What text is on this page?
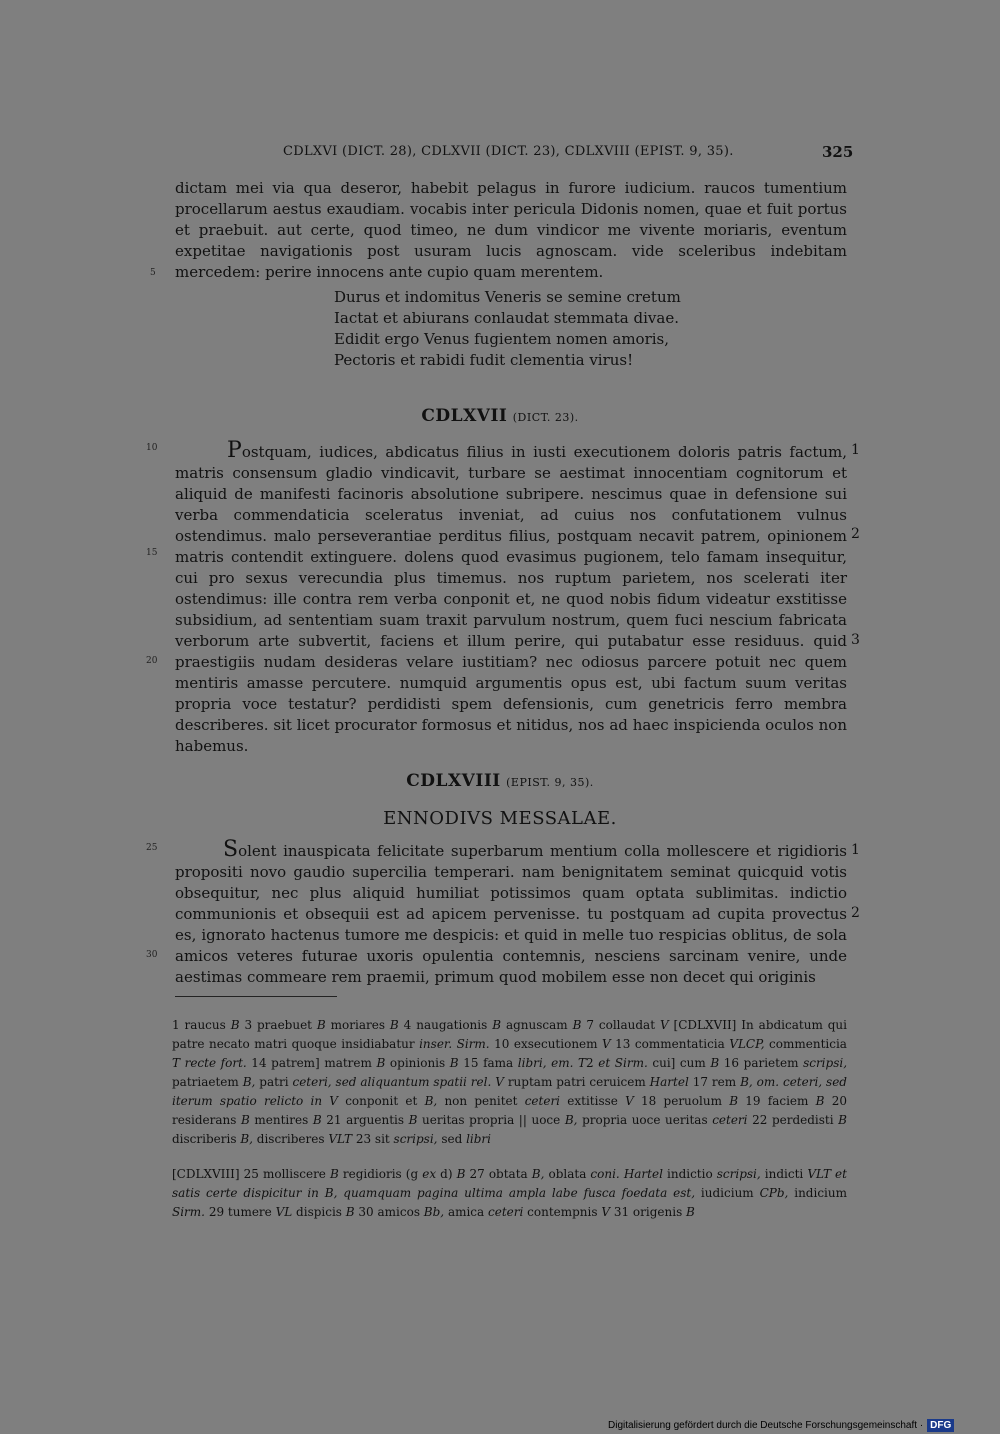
CDLXVI (DICT. 28), CDLXVII (DICT. 23), CDLXVIII (EPIST. 9, 35).	325

dictam mei via qua deseror, habebit pelagus in furore iudicium. raucos tumentium procellarum aestus exaudiam. vocabis inter pericula Didonis nomen, quae et fuit portus et praebuit. aut certe, quod timeo, ne dum vindicor me vivente moriaris, eventum expetitae navigationis post usuram lucis agnoscam. vide sceleribus indebitam mercedem: perire innocens ante cupio quam merentem.

Durus et indomitus Veneris se semine cretum
Iactat et abiurans conlaudat stemmata divae.
Edidit ergo Venus fugientem nomen amoris,
Pectoris et rabidi fudit clementia virus!
CDLXVII (DICT. 23).

Postquam, iudices, abdicatus filius in iusti executionem doloris patris factum, matris consensum gladio vindicavit, turbare se aestimat innocentiam cognitorum et aliquid de manifesti facinoris absolutione subripere. nescimus quae in defensione sui verba commendaticia sceleratus inveniat, ad cuius nos confutationem vulnus ostendimus. malo perseverantiae perditus filius, postquam necavit patrem, opinionem matris contendit extinguere. dolens quod evasimus pugionem, telo famam insequitur, cui pro sexus verecundia plus timemus. nos ruptum parietem, nos scelerati iter ostendimus: ille contra rem verba conponit et, ne quod nobis fidum videatur exstitisse subsidium, ad sententiam suam traxit parvulum nostrum, quem fuci nescium fabricata verborum arte subvertit, faciens et illum perire, qui putabatur esse residuus. quid praestigiis nudam desideras velare iustitiam? nec odiosus parcere potuit nec quem mentiris amasse percutere. numquid argumentis opus est, ubi factum suum veritas propria voce testatur? perdidisti spem defensionis, cum genetricis ferro membra describeres. sit licet procurator formosus et nitidus, nos ad haec inspicienda oculos non habemus.

CDLXVIII (EPIST. 9, 35).
ENNODIVS MESSALAE.

Solent inauspicata felicitate superbarum mentium colla mollescere et rigidioris propositi novo gaudio supercilia temperari. nam benignitatem seminat quicquid votis obsequitur, nec plus aliquid humiliat potissimos quam optata sublimitas. indictio communionis et obsequii est ad apicem pervenisse. tu postquam ad cupita provectus es, ignorato hactenus tumore me despicis: et quid in melle tuo respicias oblitus, de sola amicos veteres futurae uxoris opulentia contemnis, nesciens sarcinam venire, unde aestimas commeare rem praemii, primum quod mobilem esse non decet qui originis

5
10
15
20
25
30
1
2
3
1
2

1 raucus B 3 praebuet B moriares B 4 naugationis B agnuscam B 7 collaudat V [CDLXVII] In abdicatum qui patre necato matri quoque insidiabatur inser. Sirm. 10 exsecutionem V 13 commentaticia VLCP, commenticia T recte fort. 14 patrem] matrem B opinionis B 15 fama libri, em. T2 et Sirm. cui] cum B 16 parietem scripsi, patriaetem B, patri ceteri, sed aliquantum spatii rel. V ruptam patri ceruicem Hartel 17 rem B, om. ceteri, sed iterum spatio relicto in V conponit et B, non penitet ceteri extitisse V 18 peruolum B 19 faciem B 20 residerans B mentires B 21 arguentis B ueritas propria || uoce B, propria uoce ueritas ceteri 22 perdedisti B discriberis B, discriberes VLT 23 sit scripsi, sed libri

[CDLXVIII] 25 molliscere B regidioris (g ex d) B 27 obtata B, oblata coni. Hartel indictio scripsi, indicti VLT et satis certe dispicitur in B, quamquam pagina ultima ampla labe fusca foedata est, iudicium CPb, indicium Sirm. 29 tumere VL dispicis B 30 amicos Bb, amica ceteri contempnis V 31 origenis B

Digitalisierung gefördert durch die Deutsche Forschungsgemeinschaft · DFG
